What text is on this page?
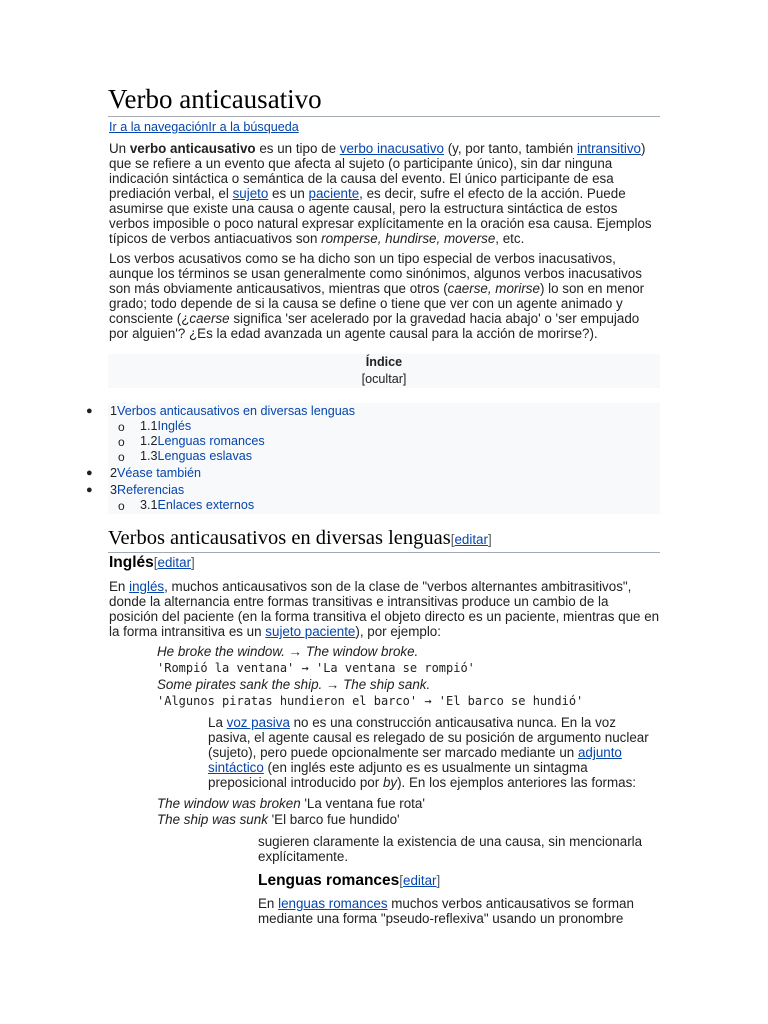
Verbo anticausativo
Ir a la navegaciónIr a la búsqueda

Un verbo anticausativo es un tipo de verbo inacusativo (y, por tanto, también intransitivo) que se refiere a un evento que afecta al sujeto (o participante único), sin dar ninguna indicación sintáctica o semántica de la causa del evento. El único participante de esa prediación verbal, el sujeto es un paciente, es decir, sufre el efecto de la acción. Puede asumirse que existe una causa o agente causal, pero la estructura sintáctica de estos verbos imposible o poco natural expresar explícitamente en la oración esa causa. Ejemplos típicos de verbos antiacuativos son romperse, hundirse, moverse, etc.

Los verbos acusativos como se ha dicho son un tipo especial de verbos inacusativos, aunque los términos se usan generalmente como sinónimos, algunos verbos inacusativos son más obviamente anticausativos, mientras que otros (caerse, morirse) lo son en menor grado; todo depende de si la causa se define o tiene que ver con un agente animado y consciente (¿caerse significa 'ser acelerado por la gravedad hacia abajo' o 'ser empujado por alguien'? ¿Es la edad avanzada un agente causal para la acción de morirse?).

Índice
[ocultar]
● 1Verbos anticausativos en diversas lenguas
o 1.1Inglés
o 1.2Lenguas romances
o 1.3Lenguas eslavas
● 2Véase también
● 3Referencias
o 3.1Enlaces externos
Verbos anticausativos en diversas lenguas[editar]
Inglés[editar]

En inglés, muchos anticausativos son de la clase de "verbos alternantes ambitrasitivos", donde la alternancia entre formas transitivas e intransitivas produce un cambio de la posición del paciente (en la forma transitiva el objeto directo es un paciente, mientras que en la forma intransitiva es un sujeto paciente), por ejemplo:

He broke the window. → The window broke.
'Rompió la ventana' → 'La ventana se rompió'
Some pirates sank the ship. → The ship sank.
'Algunos piratas hundieron el barco' → 'El barco se hundió'

La voz pasiva no es una construcción anticausativa nunca. En la voz pasiva, el agente causal es relegado de su posición de argumento nuclear (sujeto), pero puede opcionalmente ser marcado mediante un adjunto sintáctico (en inglés este adjunto es es usualmente un sintagma preposicional introducido por by). En los ejemplos anteriores las formas:

The window was broken 'La ventana fue rota'
The ship was sunk 'El barco fue hundido'

sugieren claramente la existencia de una causa, sin mencionarla explícitamente.

Lenguas romances[editar]

En lenguas romances muchos verbos anticausativos se forman mediante una forma "pseudo-reflexiva" usando un pronombre
